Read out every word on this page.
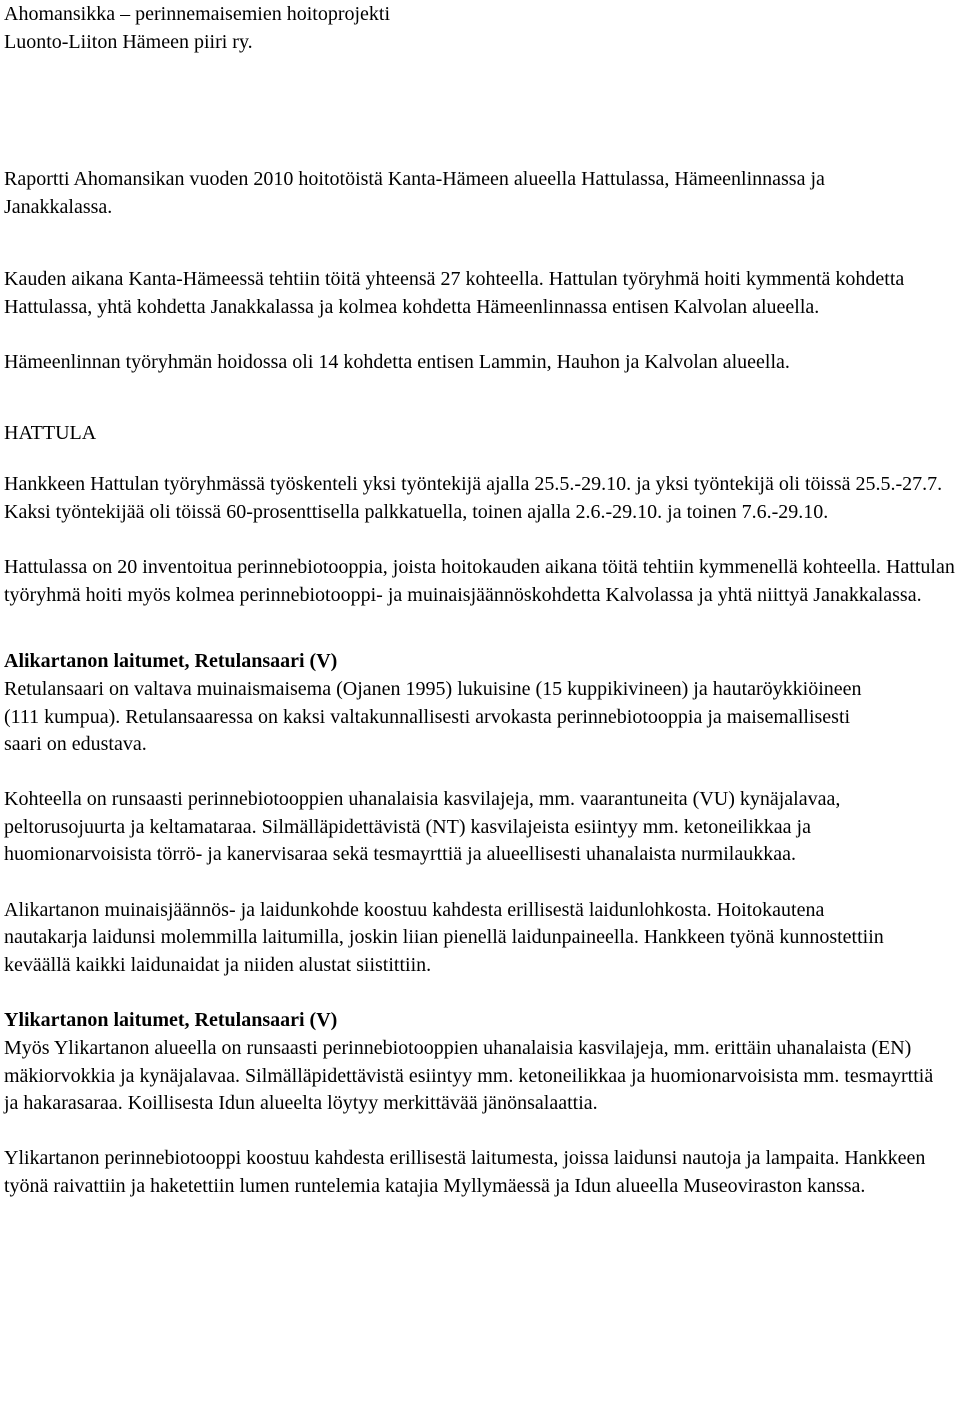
Ahomansikka – perinnemaisemien hoitoprojekti

Luonto-Liiton Hämeen piiri ry.

Raportti Ahomansikan vuoden 2010 hoitotöistä Kanta-Hämeen alueella Hattulassa, Hämeenlinnassa ja Janakkalassa.

Kauden aikana Kanta-Hämeessä tehtiin töitä yhteensä 27 kohteella. Hattulan työryhmä hoiti kymmentä kohdetta Hattulassa, yhtä kohdetta Janakkalassa ja kolmea kohdetta Hämeenlinnassa entisen Kalvolan alueella.

Hämeenlinnan työryhmän hoidossa oli 14 kohdetta entisen Lammin, Hauhon ja Kalvolan alueella.

HATTULA

Hankkeen Hattulan työryhmässä työskenteli yksi työntekijä ajalla 25.5.-29.10. ja yksi työntekijä oli töissä 25.5.-27.7. Kaksi työntekijää oli töissä 60-prosenttisella palkkatuella, toinen ajalla 2.6.-29.10. ja toinen 7.6.-29.10.

Hattulassa on 20 inventoitua perinnebiotooppia, joista hoitokauden aikana töitä tehtiin kymmenellä kohteella. Hattulan työryhmä hoiti myös kolmea perinnebiotooppi- ja muinaisjäännöskohdetta Kalvolassa ja yhtä niittyä Janakkalassa.

Alikartanon laitumet, Retulansaari (V)

Retulansaari on valtava muinaismaisema (Ojanen 1995) lukuisine (15 kuppikivineen) ja hautaröykkiöineen (111 kumpua). Retulansaaressa on kaksi valtakunnallisesti arvokasta perinnebiotooppia ja maisemallisesti saari on edustava.

Kohteella on runsaasti perinnebiotooppien uhanalaisia kasvilajeja, mm. vaarantuneita (VU) kynäjalavaa, peltorusojuurta ja keltamataraa. Silmälläpidettävistä (NT) kasvilajeista esiintyy mm. ketoneilikkaa ja huomionarvoisista törrö- ja kanervisaraa sekä tesmayrttiä ja alueellisesti uhanalaista nurmilaukkaa.

Alikartanon muinaisjäännös- ja laidunkohde koostuu kahdesta erillisestä laidunlohkosta. Hoitokautena nautakarja laidunsi molemmilla laitumilla, joskin liian pienellä laidunpaineella. Hankkeen työnä kunnostettiin keväällä kaikki laidunaidat ja niiden alustat siistittiin.

Ylikartanon laitumet, Retulansaari (V)

Myös Ylikartanon alueella on runsaasti perinnebiotooppien uhanalaisia kasvilajeja, mm. erittäin uhanalaista (EN) mäkiorvokkia ja kynäjalavaa. Silmälläpidettävistä esiintyy mm. ketoneilikkaa ja huomionarvoisista mm. tesmayrttiä ja hakarasaraa. Koillisesta Idun alueelta löytyy merkittävää jänönsalaattia.

Ylikartanon perinnebiotooppi koostuu kahdesta erillisestä laitumesta, joissa laidunsi nautoja ja lampaita. Hankkeen työnä raivattiin ja haketettiin lumen runtelemia katajia Myllymäessä ja Idun alueella Museoviraston kanssa.
